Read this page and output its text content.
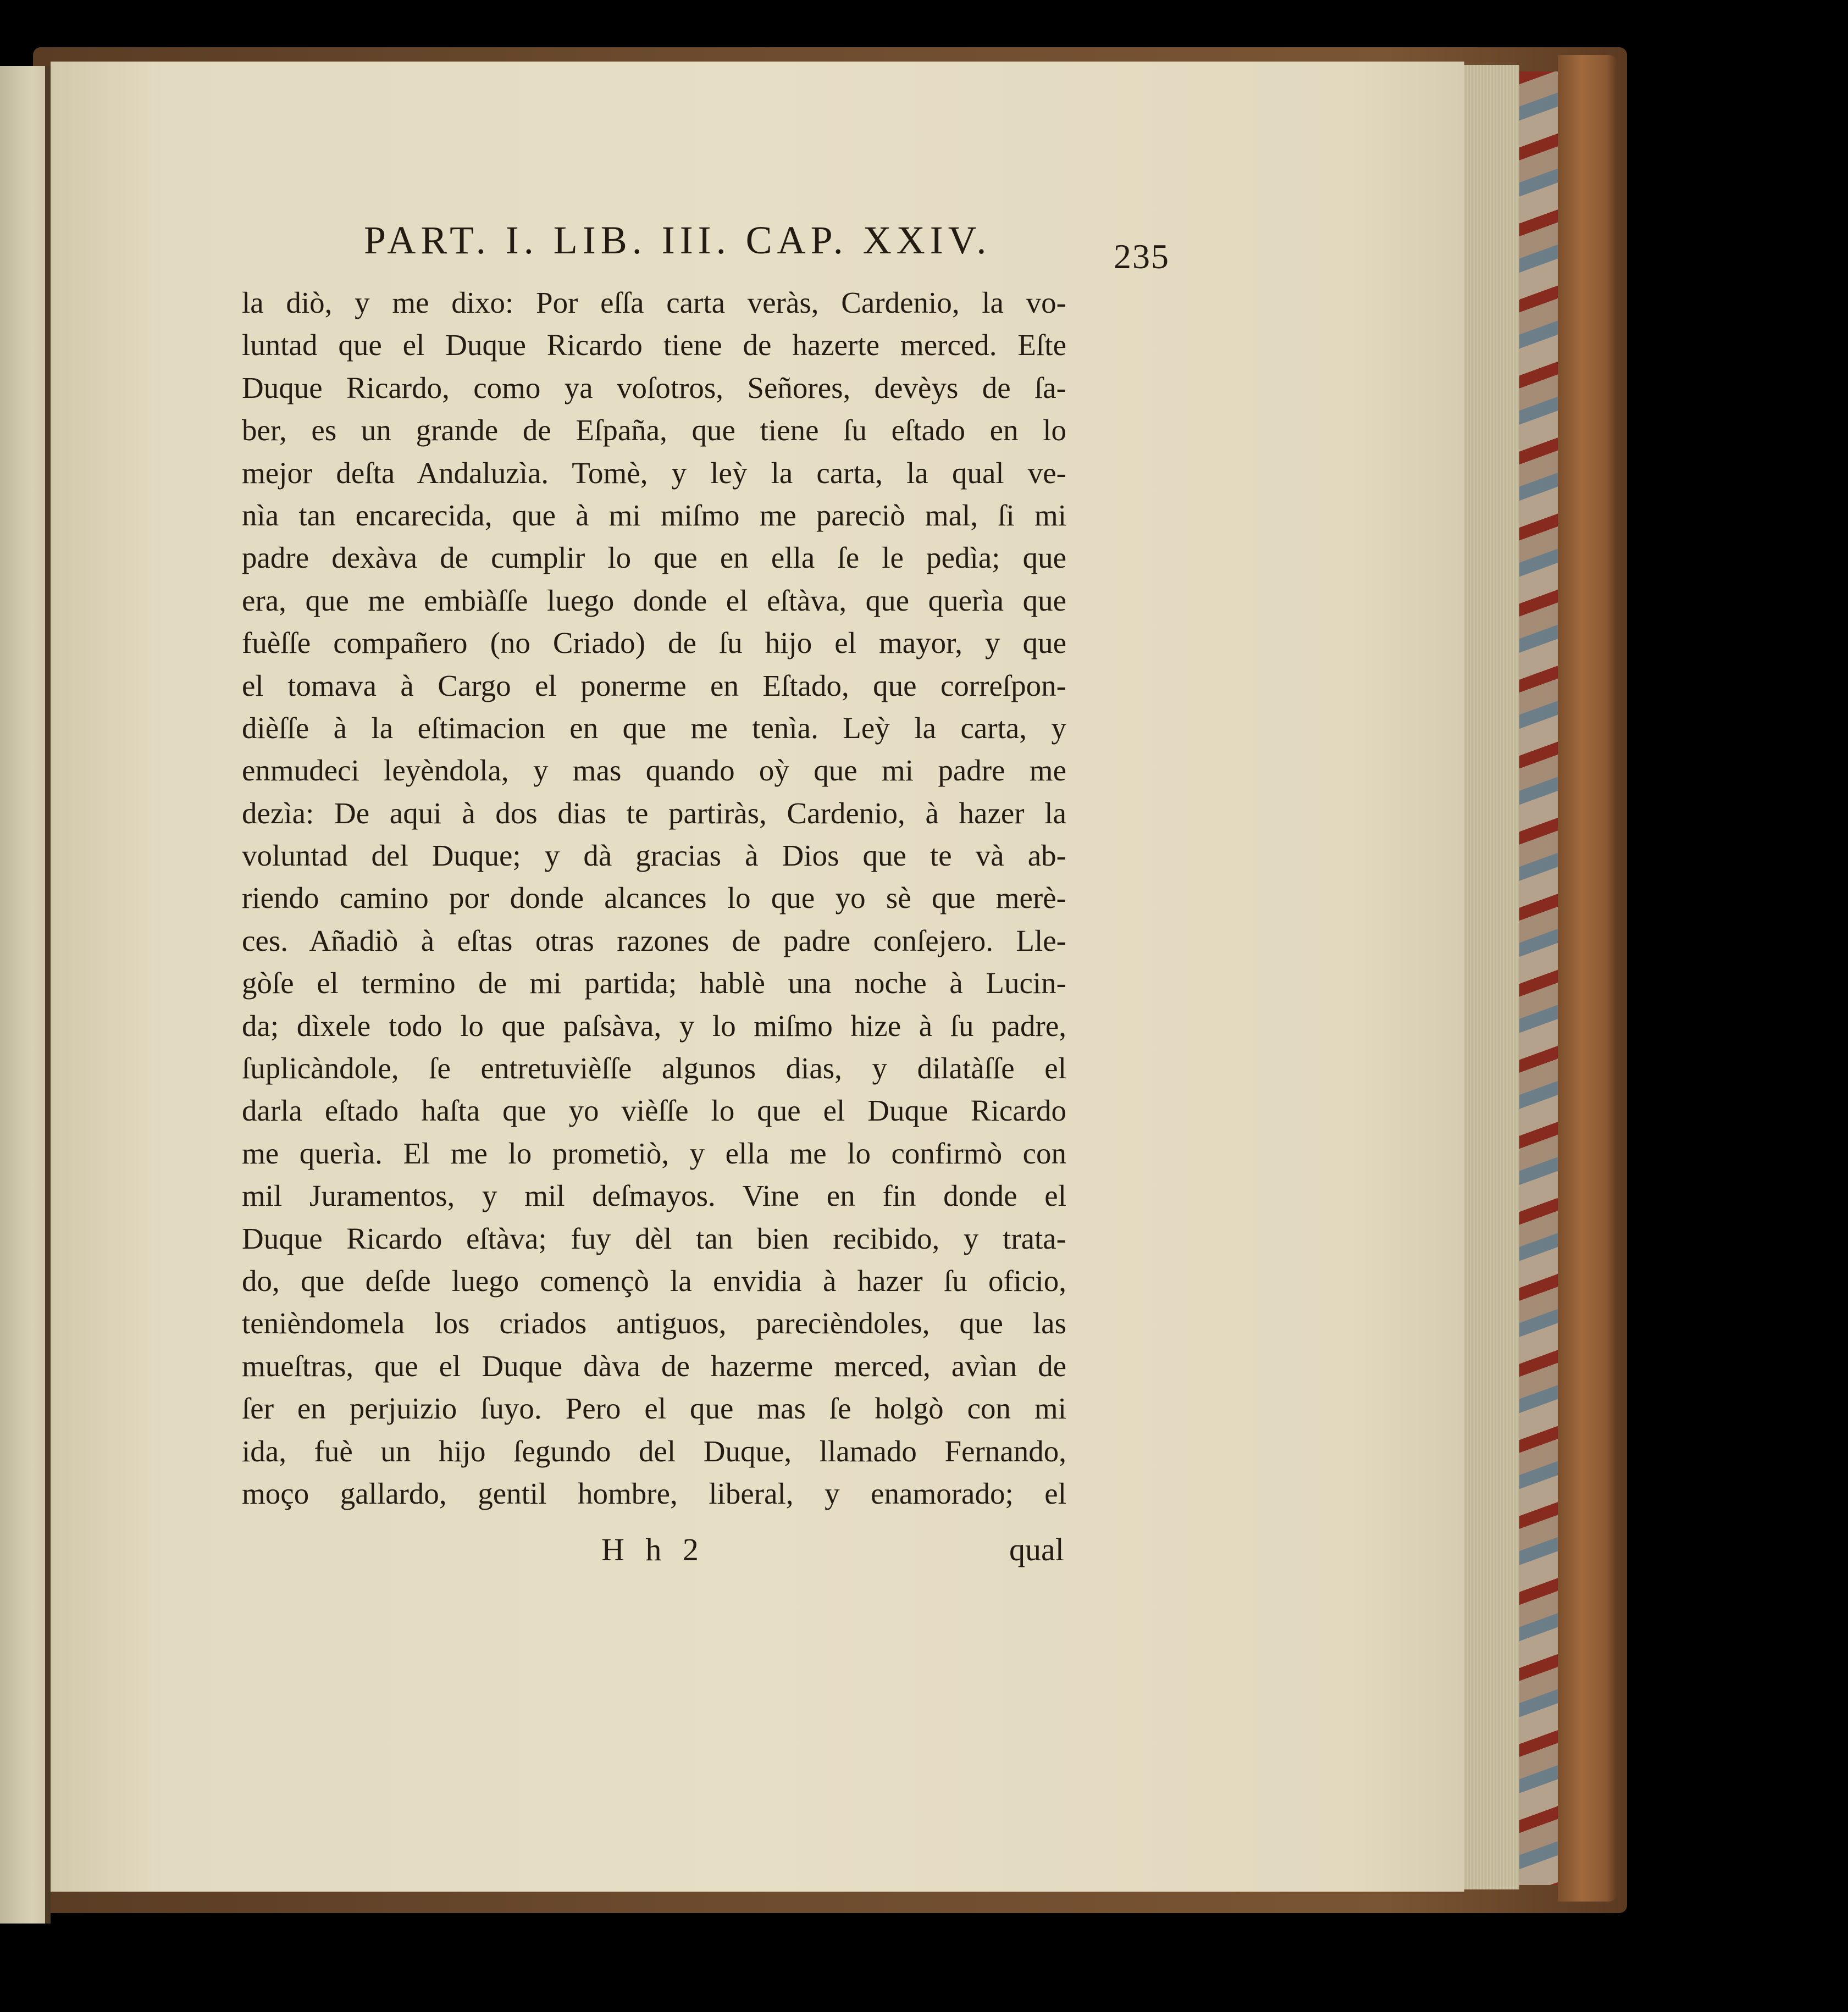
PART. I. LIB. III. CAP. XXIV.	235
la diò, y me dixo: Por eſſa carta veràs, Cardenio, la vo-
luntad que el Duque Ricardo tiene de hazerte merced. Eſte
Duque Ricardo, como ya voſotros, Señores, devèys de ſa-
ber, es un grande de Eſpaña, que tiene ſu eſtado en lo
mejor deſta Andaluzìa. Tomè, y leỳ la carta, la qual ve-
nìa tan encarecida, que à mi miſmo me pareciò mal, ſi mi
padre dexàva de cumplir lo que en ella ſe le pedìa; que
era, que me embiàſſe luego donde el eſtàva, que querìa que
fuèſſe compañero (no Criado) de ſu hijo el mayor, y que
el tomava à Cargo el ponerme en Eſtado, que correſpon-
dièſſe à la eſtimacion en que me tenìa. Leỳ la carta, y
enmudeci leyèndola, y mas quando oỳ que mi padre me
dezìa: De aqui à dos dias te partiràs, Cardenio, à hazer la
voluntad del Duque; y dà gracias à Dios que te và ab-
riendo camino por donde alcances lo que yo sè que merè-
ces. Añadiò à eſtas otras razones de padre conſejero. Lle-
gòſe el termino de mi partida; hablè una noche à Lucin-
da; dìxele todo lo que paſsàva, y lo miſmo hize à ſu padre,
ſuplicàndole, ſe entretuvièſſe algunos dias, y dilatàſſe el
darla eſtado haſta que yo vièſſe lo que el Duque Ricardo
me querìa. El me lo prometiò, y ella me lo confirmò con
mil Juramentos, y mil deſmayos. Vine en fin donde el
Duque Ricardo eſtàva; fuy dèl tan bien recibido, y trata-
do, que deſde luego començò la envidia à hazer ſu oficio,
tenièndomela los criados antiguos, parecièndoles, que las
mueſtras, que el Duque dàva de hazerme merced, avìan de
ſer en perjuizio ſuyo. Pero el que mas ſe holgò con mi
ida, fuè un hijo ſegundo del Duque, llamado Fernando,
moço gallardo, gentil hombre, liberal, y enamorado; el
H h 2	qual
